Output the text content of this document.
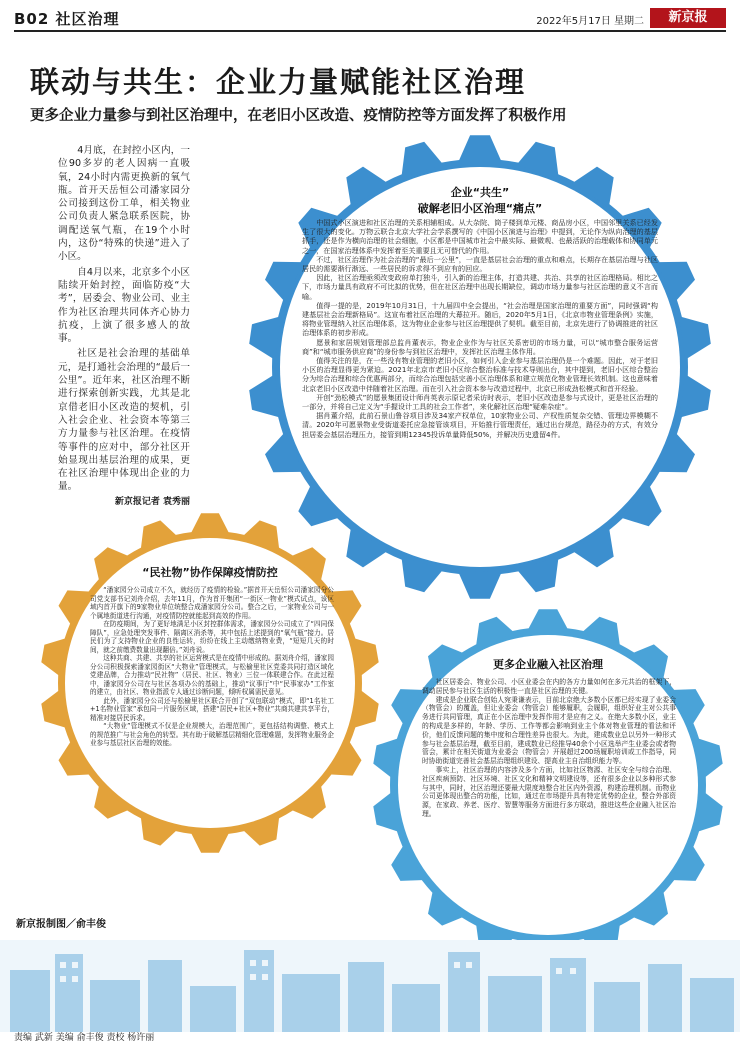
B02 社区治理	2022年5月17日 星期二	新京报
联动与共生：企业力量赋能社区治理
更多企业力量参与到社区治理中，在老旧小区改造、疫情防控等方面发挥了积极作用

4月底，在封控小区内，一位90多岁的老人因病一直吸氧，24小时内需更换新的氧气瓶。首开天岳恒公司潘家园分公司接到这份工单，相关物业公司负责人紧急联系医院，协调配送氧气瓶，在19个小时内，这份“特殊的快递”进入了小区。

自4月以来，北京多个小区陆续开始封控，面临防疫“大考”，居委会、物业公司、业主作为社区治理共同体齐心协力抗疫，上演了很多感人的故事。

社区是社会治理的基础单元，是打通社会治理的“最后一公里”。近年来，社区治理不断进行探索创新实践，尤其是北京借老旧小区改造的契机，引入社会企业、社会资本等第三方力量参与社区治理。在疫情等事件的应对中，部分社区开始显现出基层治理的成果，更在社区治理中体现出企业的力量。

新京报记者 袁秀丽
企业“共生”
破解老旧小区治理“痛点”

中国式小区演进和社区治理的关系相辅相成。从大杂院、筒子楼到单元楼、商品房小区，中国邻里关系已经发生了很大的变化。万物云联合北京大学社会学系撰写的《中国小区演进与治理》中提到，无论作为纵向治理的基层抓手，还是作为横向治理的社会细胞，小区都是中国城市社会中最实际、最微观、也最活跃的治理载体和协同单元之一，在国家治理体系中发挥着至关重要且无可替代的作用。

不过，社区治理作为社会治理的“最后一公里”，一直是基层社会治理的重点和难点，长期存在基层治理与社区居民的需要渐行渐远、一些居民的诉求得不到应有的回应。

因此，社区治理亟须改变政府单打独斗，引入新的治理主体，打造共建、共治、共享的社区治理格局。相比之下，市场力量具有政府不可比拟的优势，但在社区治理中出现长期缺位，调动市场力量参与社区治理的意义不言而喻。

值得一提的是，2019年10月31日，十九届四中全会提出，“社会治理是国家治理的重要方面”，同时强调“构建基层社会治理新格局”。这宣布着社区治理的大幕拉开。随后，2020年5月1日，《北京市物业管理条例》实施，将物业管理纳入社区治理体系，这为物业企业参与社区治理提供了契机。截至目前，北京先进行了协调推进的社区治理体系的初步形成。

愿景和家居规划管理部总监肖董表示，物业企业作为与社区关系密切的市场力量，可以“城市整合服务运营商”和“城市服务供应商”的身份参与到社区治理中，发挥社区治理主体作用。

值得关注的是，在一些没有物业管理的老旧小区，如何引入企业参与基层治理仍是一个难题。因此，对于老旧小区的治理显得更为紧迫。2021年北京市老旧小区综合整治标准与技术导则出台，其中提到，老旧小区综合整治分为综合治理和综合优惠两部分，而综合治理包括完善小区治理体系和建立规范化物业管理长效机制。这也意味着北京老旧小区改造中伴随着社区治理。而在引入社会资本参与改造过程中，北京已形成劲松模式和首开经验。

开创“劲松模式”的愿景集团设计师肖英表示原记者采访时表示，老旧小区改造是参与式设计，更是社区治理的一部分，并将自己定义为“手握设计工具的社会工作者”，来化解社区治理“疑难杂症”。

据肖董介绍，此前石景山鲁谷项目涉及34家产权单位，10家物业公司、产权性质复杂交错、管理边界模糊不清。2020年可愿景物业受街道委托应急接管该项目，开始推行管理责任，通过出台规范，路径办的方式，有效分担居委会基层治理压力，接管到期12345投诉单量降低50%，并解决历史遗留4件。

“民社物”协作保障疫情防控

“潘家园分公司成立不久，就经历了疫情的检验。”据首开天岳恒公司潘家园分公司党支部书记刘舟介绍，去年11月，作为首开集团“一街区一物业”模式试点，该区域内首开旗下的9家物业单位统整合成潘家园分公司。整合之后，一家物业公司与一个属地街道进行沟通，对疫情防控就能起到高效的作用。

在防疫期间，为了更好地满足小区封控群体需求，潘家园分公司成立了“四同保障队”，应急处理突发事件、隔离区消杀等，其中包括上述提到的“氧气瓶”接力。居民们为了支持物业企业的良性运转，纷纷在线上主动缴纳物业费，“短短几天的时间，就之前缴费数量出现翻倍。”刘舟说。

这种共商、共建、共享的社区运营模式是在疫情中形成的。据刘舟介绍，潘家园分公司积极探索潘家园街区“大物业”管理模式，与松榆里社区党委共同打造区域化党建品牌，合力推动“民社物”（居民、社区、物业）三位一体联建合作。在此过程中，潘家园分公司在与社区各项办公的基础上，推动“议事厅”中“民事家办”工作室的建立，由社区、物业指派专人通过诊断问题，倾听权属需民意见。

此外，潘家园分公司还与松榆里社区联合开创了“双包联动”模式，即“1名社工+1名物业管家”承包同一片服务区域，搭建“居民+社区+物业”共商共建共享平台，精准对接居民诉求。

“大物业”管理模式不仅是企业规模大，治理范围广，更包括结构调整、模式上的规范推广与社会角色的转型。其有助于破解基层精细化管理难题，发挥物业服务企业参与基层社区治理的效能。

更多企业融入社区治理

社区居委会、物业公司、小区业委会在内的各方力量如何在多元共治的框架下，调动居民参与社区生活的积极性一直是社区治理的关键。

建成是企业联合创始人宛秉谦表示，目前北京绝大多数小区都已经实现了业委会（物管会）的覆盖，但让业委会（物管会）能够履职，会履职，组织好业主对公共事务进行共同管理，真正在小区治理中发挥作用才是应有之义。在绝大多数小区，业主的构成是多样的，年龄、学历、工作等都会影响到业主个体对物业管理的看法和评价，他们反馈问题的集中度和合理性差异也很大。为此，建成数业总以另外一种形式参与社会基层治理，截至目前，建成数业已经推导40余个小区选举产生业委会或者物管会，累计在相关街道为业委会（物管会）开展超过200场履职培训或工作指导，同时协助街道完善社会基层治理组织建设、提高业主自治组织能力等。

事实上，社区治理的内容涉及多个方面，比如社区物源、社区安全与综合治理、社区疾病预防、社区环境、社区文化和精神文明建设等，还有很多企业以多种形式参与其中，同时，社区治理还要最大限度地整合社区内外资源，构建治理机制。而物业公司更体现出整合的功能，比如，通过在市场提升具有特定优势的企业，整合外部资源，在家政、养老、医疗、智慧等服务方面进行多方联动，推进这些企业融入社区治理。

新京报制图／俞丰俊
责编 武新 美编 俞丰俊 责校 杨许丽
